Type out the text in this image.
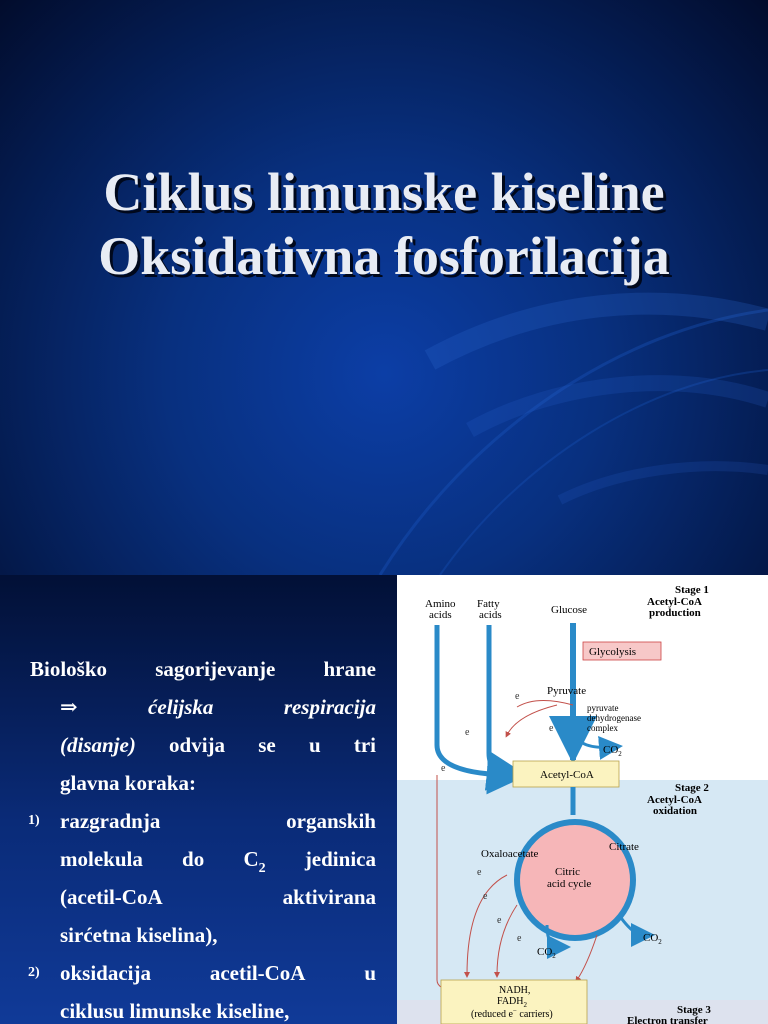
Ciklus limunske kiseline
Oksidativna fosforilacija
Biološko sagorijevanje hrane
⇒	ćelijska	respiracija
(disanje) odvija se u tri
glavna koraka:
1) razgradnja	organskih
molekula do $C_2$ jedinica
(acetil-CoA	aktivirana
sirćetna kiselina),
2) oksidacija	acetil-CoA	u
ciklusu limunske kiseline,
Stage 1
Acetyl-CoA
production
Amino
acids
Fatty
acids	Glucose
Glycolysis
Pyruvate
pyruvate
dehydrogenase
complex
$CO_2$
Acetyl-CoA
Stage 2
Acetyl-CoA
oxidation
Citric
acid cycle
Oxaloacetate
Citrate
$CO_2$
$CO_2$
e
e
e
e
e
e
e
e
NADH,
$FADH_2$
(reduced e− carriers)	Stage 3
Electron transfer
